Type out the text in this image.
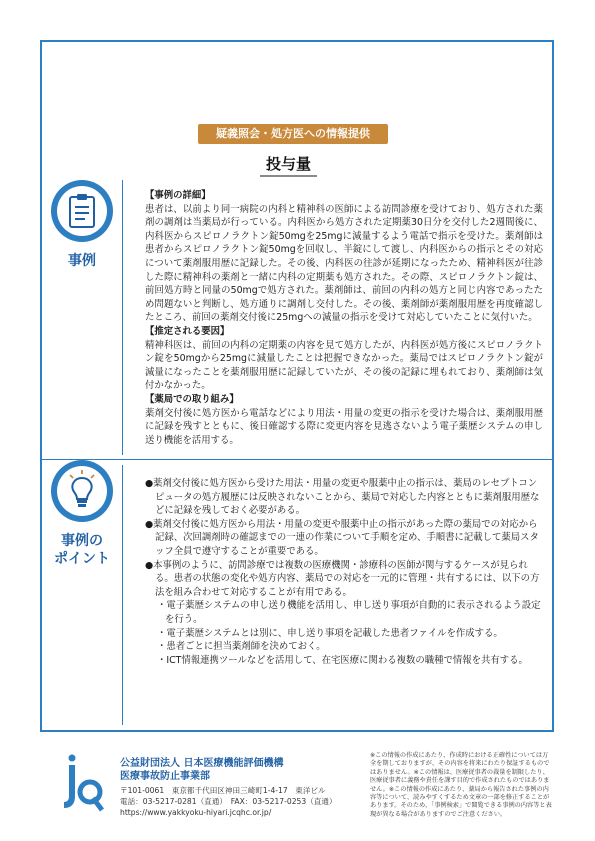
疑義照会・処方医への情報提供
投与量
事例

【事例の詳細】

患者は、以前より同一病院の内科と精神科の医師による訪問診療を受けており、処方された薬剤の調剤は当薬局が行っている。内科医から処方された定期薬30日分を交付した2週間後に、内科医からスピロノラクトン錠50mgを25mgに減量するよう電話で指示を受けた。薬剤師は患者からスピロノラクトン錠50mgを回収し、半錠にして渡し、内科医からの指示とその対応について薬剤服用歴に記録した。その後、内科医の往診が延期になったため、精神科医が往診した際に精神科の薬剤と一緒に内科の定期薬も処方された。その際、スピロノラクトン錠は、前回処方時と同量の50mgで処方された。薬剤師は、前回の内科の処方と同じ内容であったため問題ないと判断し、処方通りに調剤し交付した。その後、薬剤師が薬剤服用歴を再度確認したところ、前回の薬剤交付後に25mgへの減量の指示を受けて対応していたことに気付いた。

【推定される要因】

精神科医は、前回の内科の定期薬の内容を見て処方したが、内科医が処方後にスピロノラクトン錠を50mgから25mgに減量したことは把握できなかった。薬局ではスピロノラクトン錠が減量になったことを薬剤服用歴に記録していたが、その後の記録に埋もれており、薬剤師は気付かなかった。

【薬局での取り組み】

薬剤交付後に処方医から電話などにより用法・用量の変更の指示を受けた場合は、薬剤服用歴に記録を残すとともに、後日確認する際に変更内容を見逃さないよう電子薬歴システムの申し送り機能を活用する。

事例の
ポイント

●薬剤交付後に処方医から受けた用法・用量の変更や服薬中止の指示は、薬局のレセプトコンピュータの処方履歴には反映されないことから、薬局で対応した内容とともに薬剤服用歴などに記録を残しておく必要がある。

●薬剤交付後に処方医から用法・用量の変更や服薬中止の指示があった際の薬局での対応から記録、次回調剤時の確認までの一連の作業について手順を定め、手順書に記載して薬局スタッフ全員で遵守することが重要である。

●本事例のように、訪問診療では複数の医療機関・診療科の医師が関与するケースが見られる。患者の状態の変化や処方内容、薬局での対応を一元的に管理・共有するには、以下の方法を組み合わせて対応することが有用である。

・電子薬歴システムの申し送り機能を活用し、申し送り事項が自動的に表示されるよう設定を行う。

・電子薬歴システムとは別に、申し送り事項を記載した患者ファイルを作成する。

・患者ごとに担当薬剤師を決めておく。

・ICT情報連携ツールなどを活用して、在宅医療に関わる複数の職種で情報を共有する。

公益財団法人 日本医療機能評価機構
医療事故防止事業部
〒101-0061　東京都千代田区神田三崎町1-4-17　東洋ビル
電話：03-5217-0281（直通）　FAX：03-5217-0253（直通）
https://www.yakkyoku-hiyari.jcqhc.or.jp/
※この情報の作成にあたり、作成時における正確性については万全を期しておりますが、その内容を将来にわたり保証するものではありません。※この情報は、医療従事者の裁量を制限したり、医療従事者に義務や責任を課す目的で作成されたものではありません。※この情報の作成にあたり、薬局から報告された事例の内容等について、読みやすくするため文章の一部を修正することがあります。そのため、「事例検索」で閲覧できる事例の内容等と表現が異なる場合がありますのでご注意ください。
